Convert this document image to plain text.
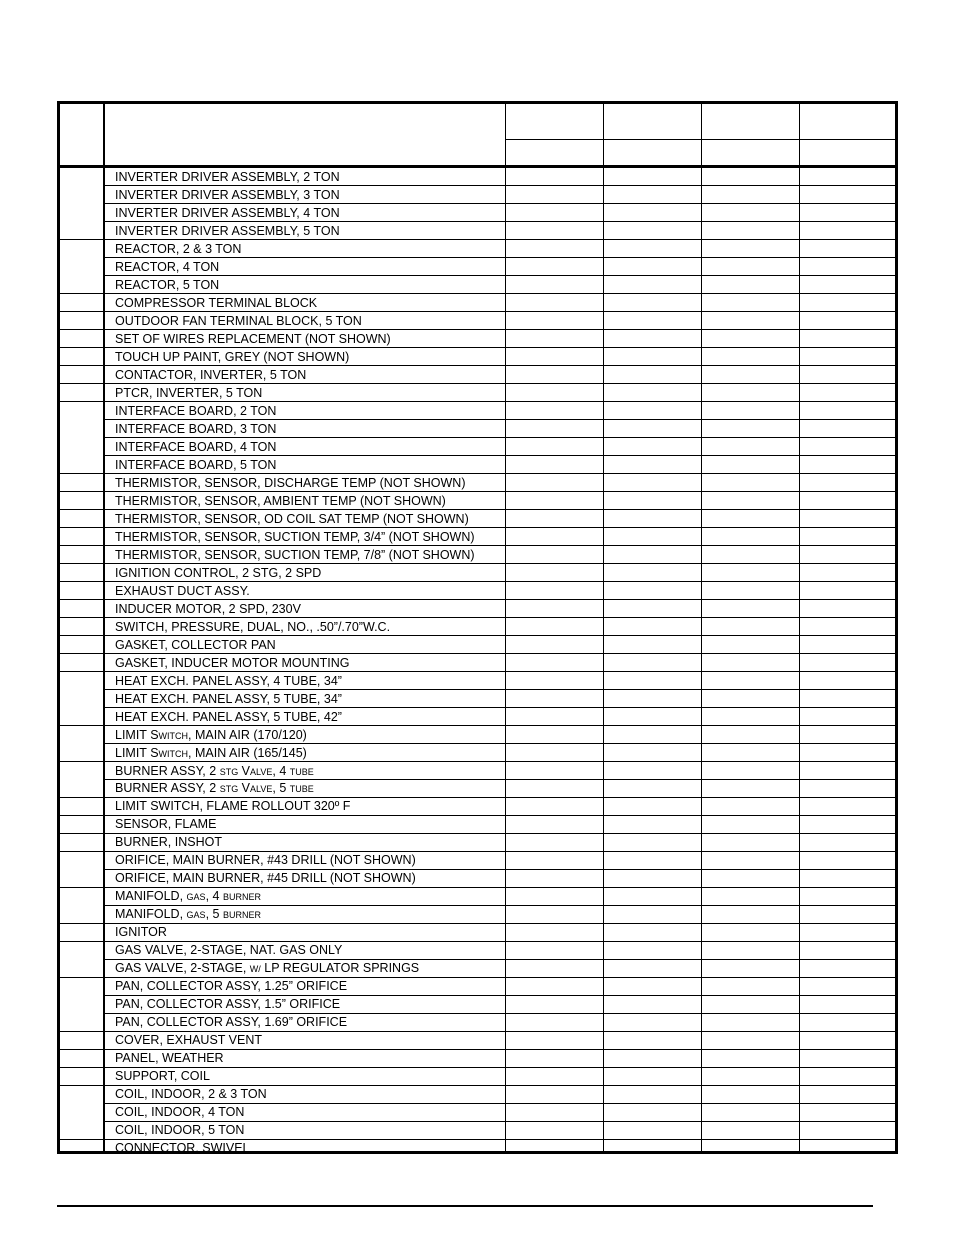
INVERTER DRIVER ASSEMBLY, 2 TON
INVERTER DRIVER ASSEMBLY, 3 TON
INVERTER DRIVER ASSEMBLY, 4 TON
INVERTER DRIVER ASSEMBLY, 5 TON
REACTOR, 2 & 3 TON
REACTOR, 4 TON
REACTOR, 5 TON
COMPRESSOR TERMINAL BLOCK
OUTDOOR FAN TERMINAL BLOCK, 5 TON
SET OF WIRES REPLACEMENT (NOT SHOWN)
TOUCH UP PAINT, GREY (NOT SHOWN)
CONTACTOR, INVERTER, 5 TON
PTCR, INVERTER, 5 TON
INTERFACE BOARD, 2 TON
INTERFACE BOARD, 3 TON
INTERFACE BOARD, 4 TON
INTERFACE BOARD, 5 TON
THERMISTOR, SENSOR, DISCHARGE TEMP (NOT SHOWN)
THERMISTOR, SENSOR, AMBIENT TEMP (NOT SHOWN)
THERMISTOR, SENSOR, OD COIL SAT TEMP (NOT SHOWN)
THERMISTOR, SENSOR, SUCTION TEMP, 3/4” (NOT SHOWN)
THERMISTOR, SENSOR, SUCTION TEMP, 7/8” (NOT SHOWN)
IGNITION CONTROL, 2 STG, 2 SPD
EXHAUST DUCT ASSY.
INDUCER MOTOR, 2 SPD, 230V
SWITCH, PRESSURE, DUAL, NO., .50”/.70”W.C.
GASKET, COLLECTOR PAN
GASKET, INDUCER MOTOR MOUNTING
HEAT EXCH. PANEL ASSY, 4 TUBE, 34”
HEAT EXCH. PANEL ASSY, 5 TUBE, 34”
HEAT EXCH. PANEL ASSY, 5 TUBE, 42”
LIMIT SWITCH, MAIN AIR (170/120)
LIMIT SWITCH, MAIN AIR (165/145)
BURNER ASSY, 2 STG VALVE, 4 TUBE
BURNER ASSY, 2 STG VALVE, 5 TUBE
LIMIT SWITCH, FLAME ROLLOUT 320º F
SENSOR, FLAME
BURNER, INSHOT
ORIFICE, MAIN BURNER, #43 DRILL (NOT SHOWN)
ORIFICE, MAIN BURNER, #45 DRILL (NOT SHOWN)
MANIFOLD, GAS, 4 BURNER
MANIFOLD, GAS, 5 BURNER
IGNITOR
GAS VALVE, 2-STAGE, NAT. GAS ONLY
GAS VALVE, 2-STAGE, W/ LP REGULATOR SPRINGS
PAN, COLLECTOR ASSY, 1.25” ORIFICE
PAN, COLLECTOR ASSY, 1.5” ORIFICE
PAN, COLLECTOR ASSY, 1.69” ORIFICE
COVER, EXHAUST VENT
PANEL, WEATHER
SUPPORT, COIL
COIL, INDOOR, 2 & 3 TON
COIL, INDOOR, 4 TON
COIL, INDOOR, 5 TON
CONNECTOR, SWIVEL
